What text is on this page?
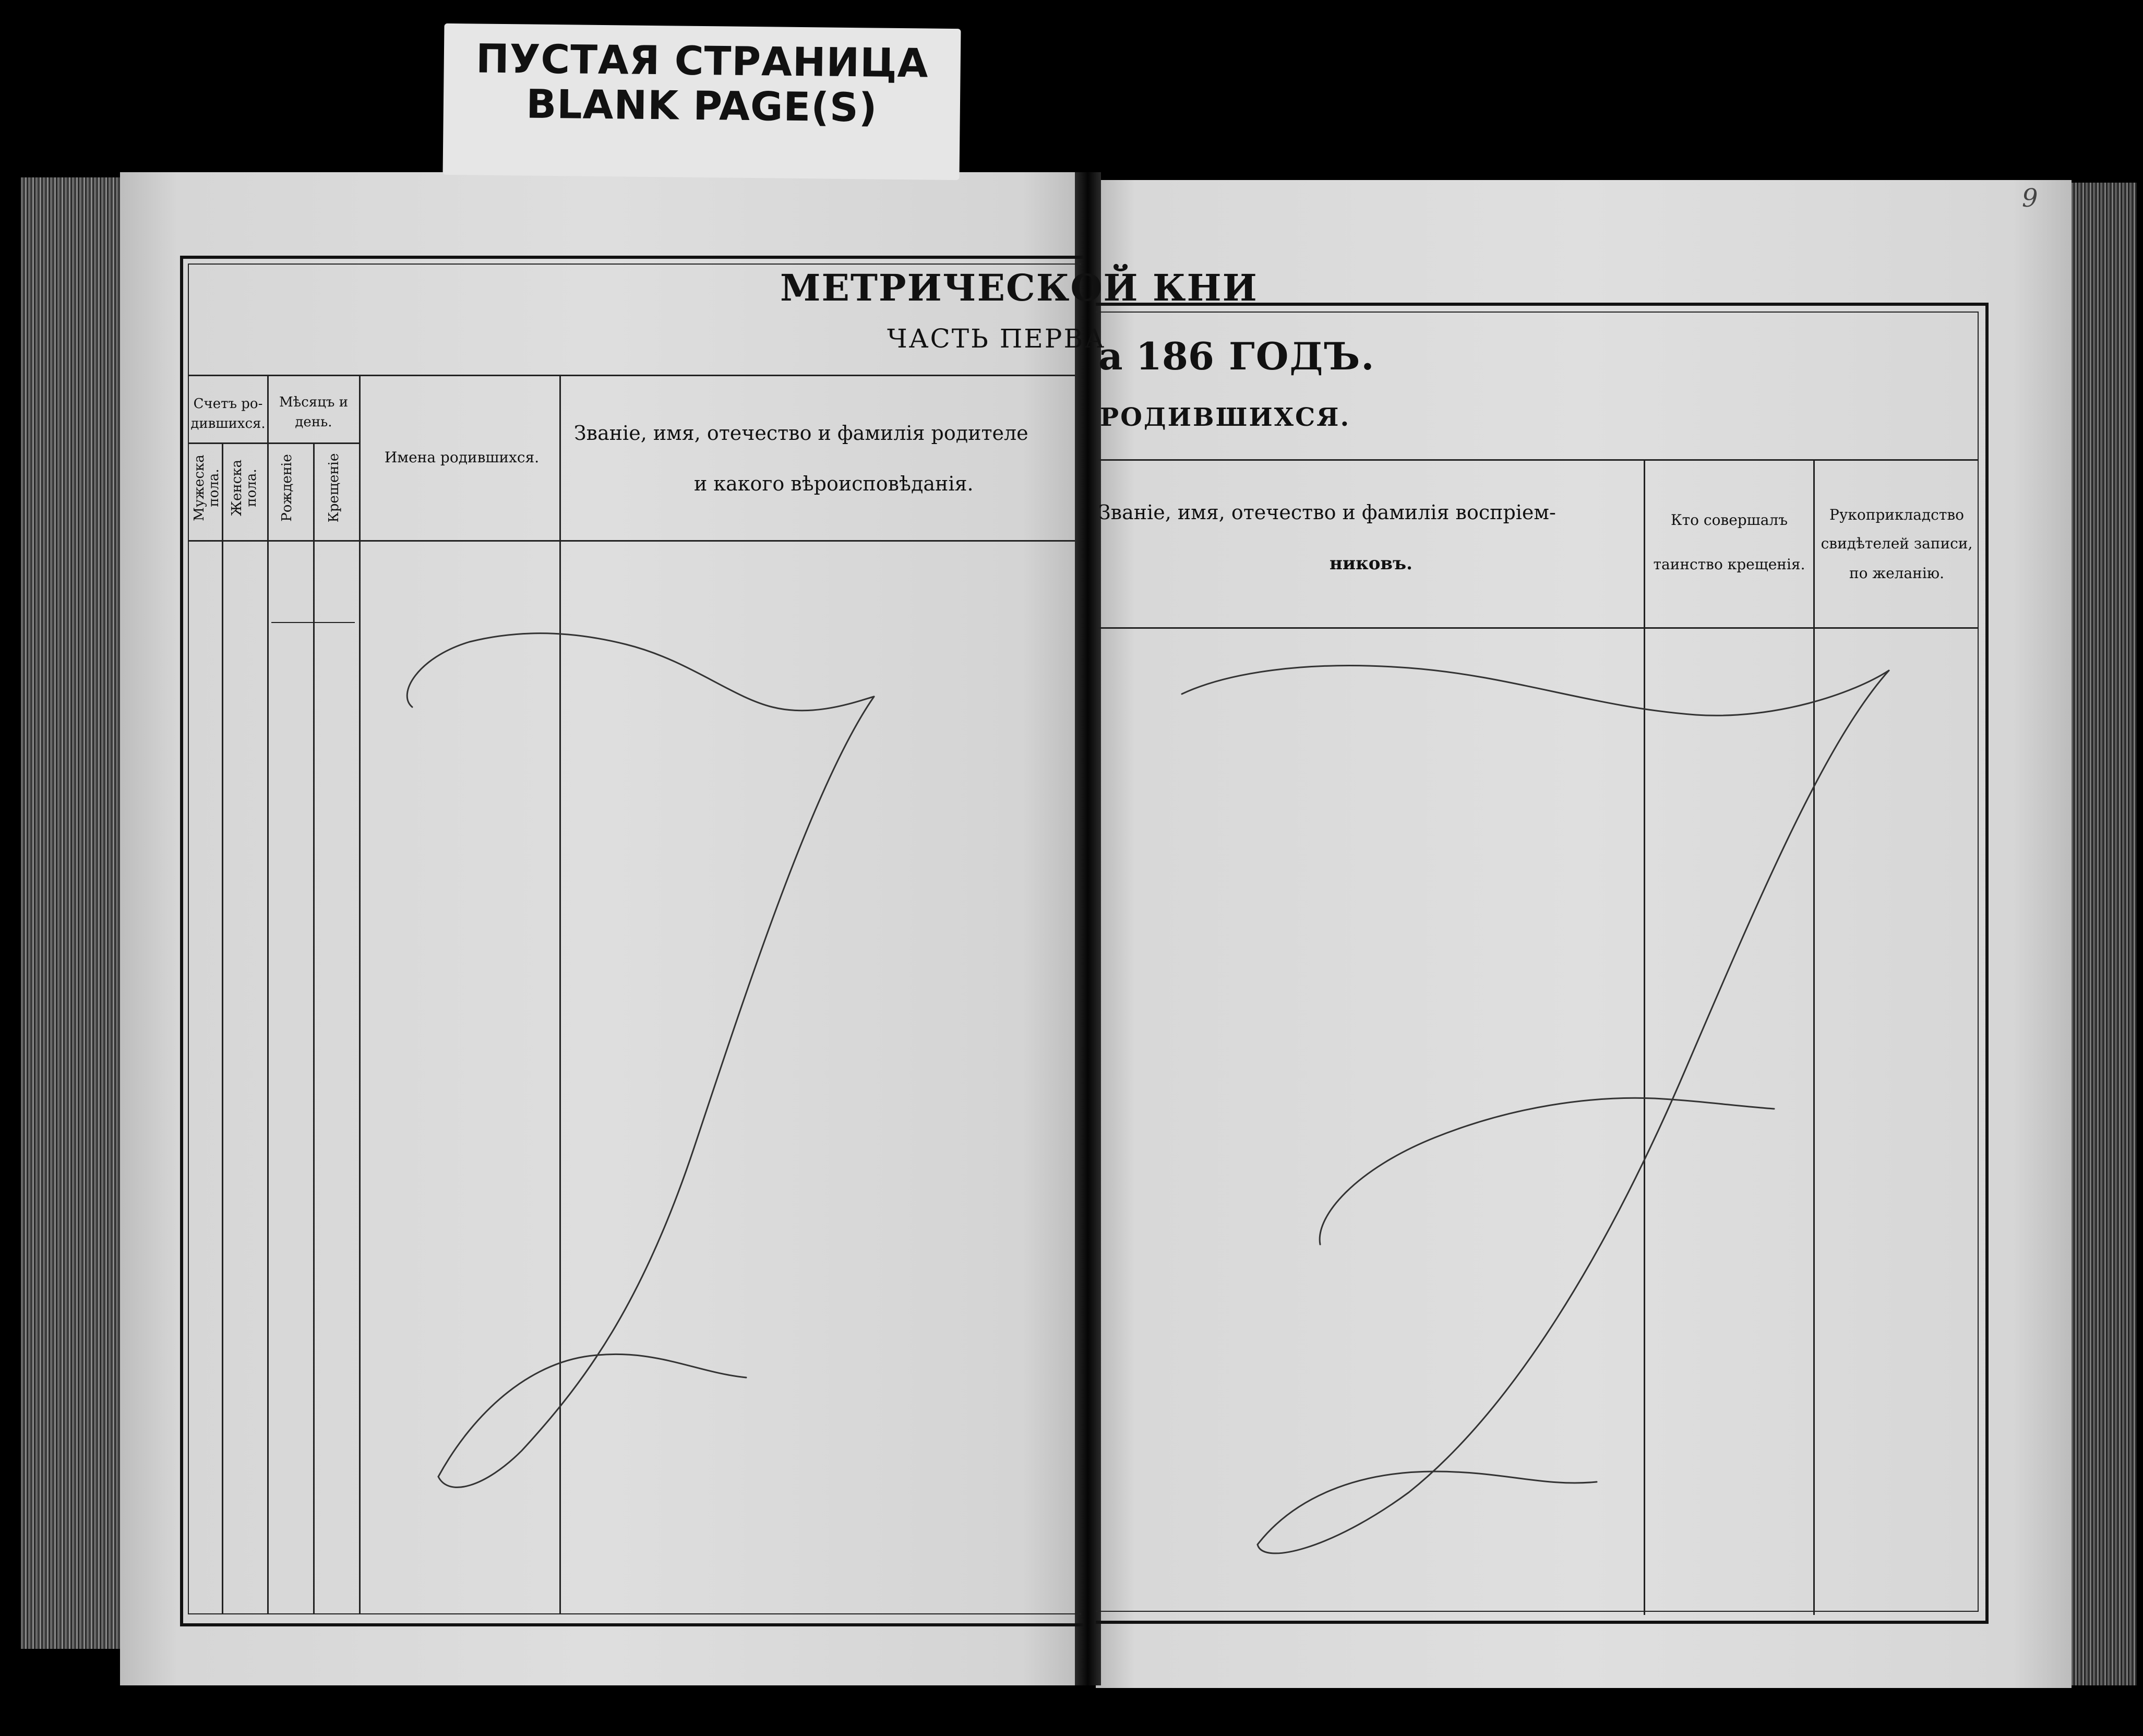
ПУСТАЯ СТРАНИЦА
BLANK PAGE(S)
МЕТРИЧЕСКОЙ КНИ
ЧАСТЬ ПЕРВА
Счетъ ро-
дившихся.
Мѣсяцъ и
день.
Мужеска
пола. Женска
пола. Рожденіе Крещеніе	Имена родившихся.
Званіе, имя, отечество и фамилія родителе
и какого вѣроисповѣданія.
а 186 ГОДЪ.
РОДИВШИХСЯ.
9
Званіе, имя, отечество и фамилія воспріем-
никовъ.
Кто совершалъ
таинство крещенія.
Рукоприкладство
свидѣтелей записи,
по желанію.
